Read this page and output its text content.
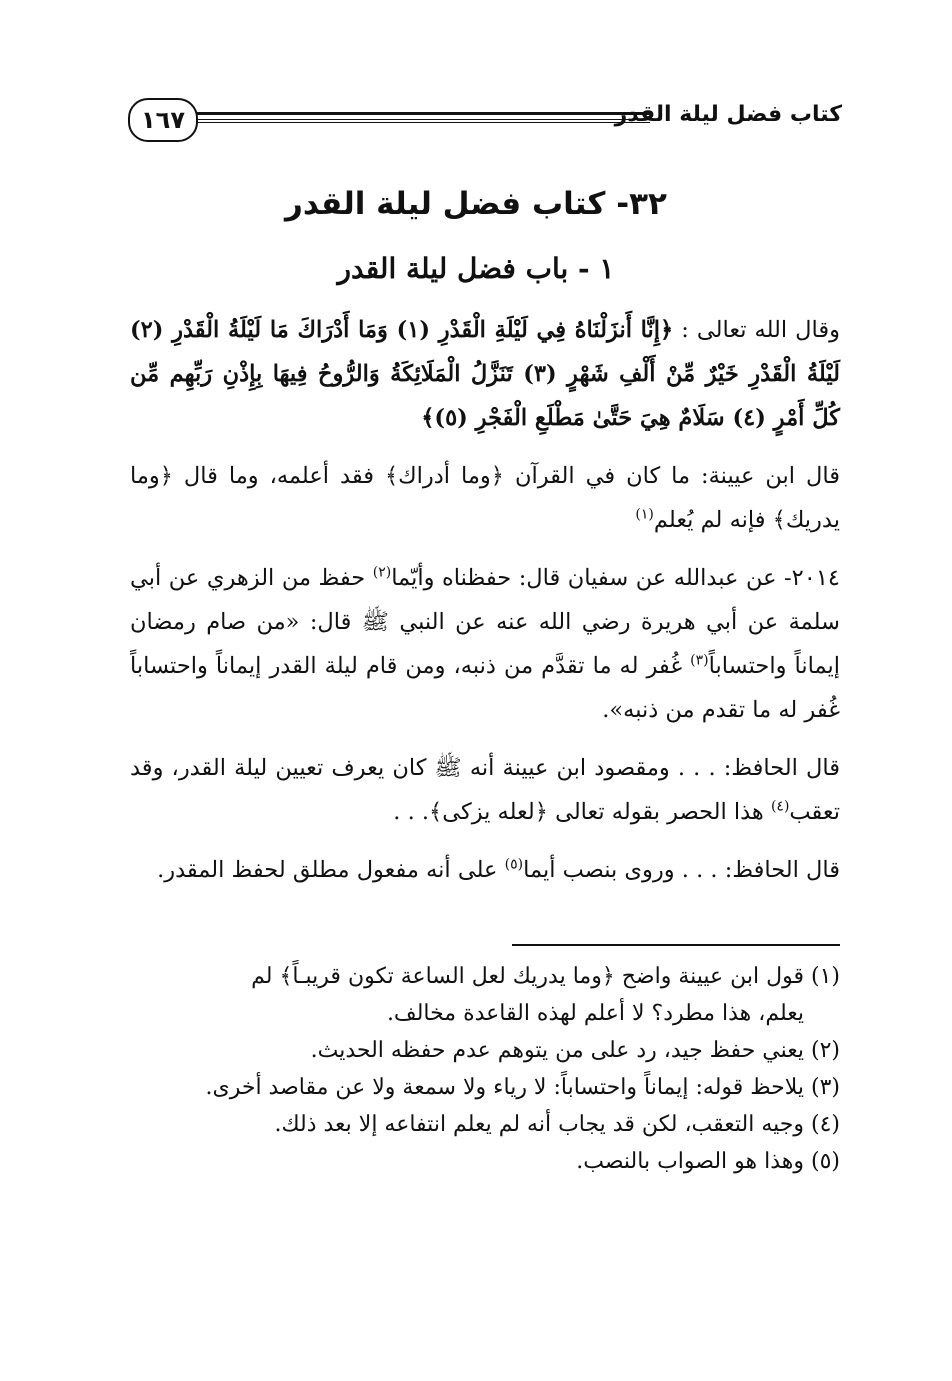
كتاب فضل ليلة القدر
١٦٧
٣٢- كتاب فضل ليلة القدر
١ - باب فضل ليلة القدر

وقال الله تعالى : ﴿إِنَّا أَنزَلْنَاهُ فِي لَيْلَةِ الْقَدْرِ (١) وَمَا أَدْرَاكَ مَا لَيْلَةُ الْقَدْرِ (٢) لَيْلَةُ الْقَدْرِ خَيْرٌ مِّنْ أَلْفِ شَهْرٍ (٣) تَنَزَّلُ الْمَلَائِكَةُ وَالرُّوحُ فِيهَا بِإِذْنِ رَبِّهِم مِّن كُلِّ أَمْرٍ (٤) سَلَامٌ هِيَ حَتَّىٰ مَطْلَعِ الْفَجْرِ (٥)﴾

قال ابن عيينة: ما كان في القرآن ﴿وما أدراك﴾ فقد أعلمه، وما قال ﴿وما يدريك﴾ فإنه لم يُعلم$^{(١)}$

٢٠١٤- عن عبدالله عن سفيان قال: حفظناه وأيّما$^{(٢)}$ حفظ من الزهري عن أبي سلمة عن أبي هريرة رضي الله عنه عن النبي ﷺ قال: «من صام رمضان إيماناً واحتساباً$^{(٣)}$ غُفر له ما تقدَّم من ذنبه، ومن قام ليلة القدر إيماناً واحتساباً غُفر له ما تقدم من ذنبه».

قال الحافظ: . . . ومقصود ابن عيينة أنه ﷺ كان يعرف تعيين ليلة القدر، وقد تعقب$^{(٤)}$ هذا الحصر بقوله تعالى ﴿لعله يزكى﴾. . .

قال الحافظ: . . . وروى بنصب أيما$^{(٥)}$ على أنه مفعول مطلق لحفظ المقدر.

(١) قول ابن عيينة واضح ﴿وما يدريك لعل الساعة تكون قريبـاً﴾ لم

يعلم، هذا مطرد؟ لا أعلم لهذه القاعدة مخالف.

(٢) يعني حفظ جيد، رد على من يتوهم عدم حفظه الحديث.

(٣) يلاحظ قوله: إيماناً واحتساباً: لا رياء ولا سمعة ولا عن مقاصد أخرى.

(٤) وجيه التعقب، لكن قد يجاب أنه لم يعلم انتفاعه إلا بعد ذلك.

(٥) وهذا هو الصواب بالنصب.
